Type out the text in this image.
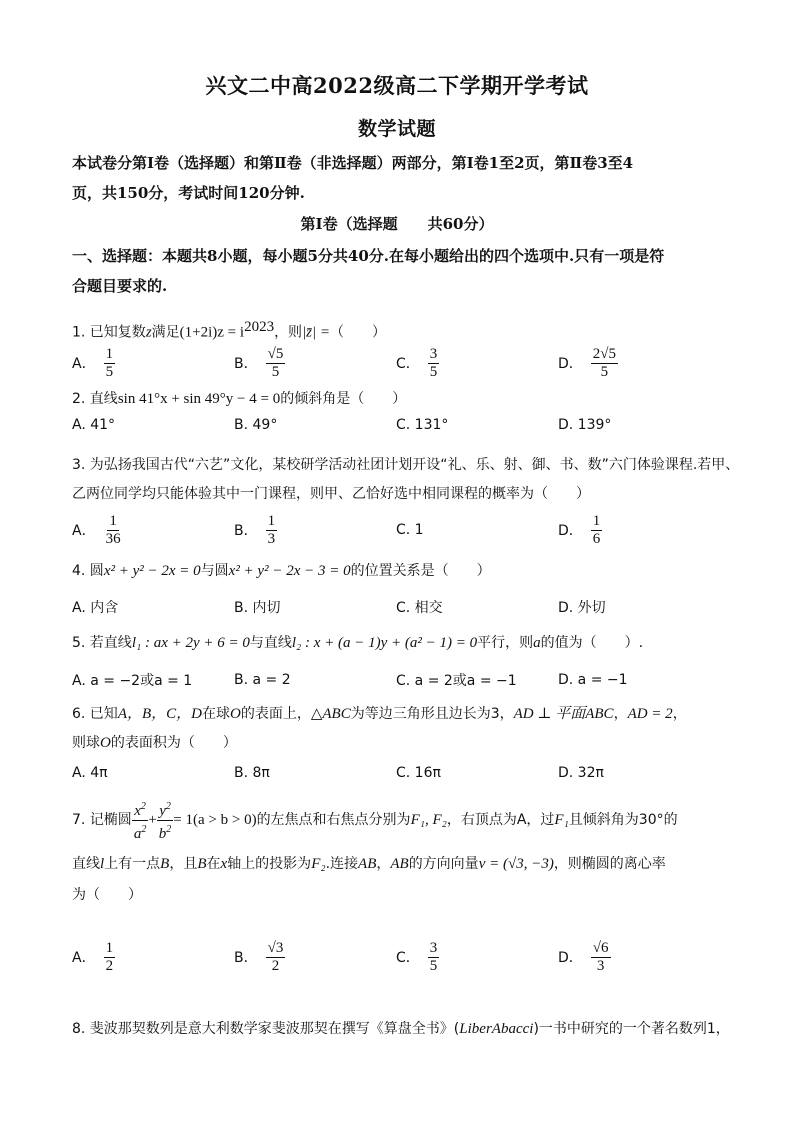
兴文二中高2022级高二下学期开学考试
数学试题
本试卷分第Ⅰ卷（选择题）和第Ⅱ卷（非选择题）两部分，第Ⅰ卷1至2页，第Ⅱ卷3至4
页，共150分，考试时间120分钟.
第Ⅰ卷（选择题　　共60分）
一、选择题：本题共8小题，每小题5分共40分.在每小题给出的四个选项中.只有一项是符
合题目要求的.
1. 已知复数z满足$(1+2i)z = i^{2023}$，则|z̄| =（　　）
A． $\frac{1}{5}$	B． $\frac{√5}{5}$	C． $\frac{3}{5}$	D． $\frac{2√5}{5}$
2. 直线sin 41°x + sin 49°y − 4 = 0的倾斜角是（　　）
A. 41°	B. 49°	C. 131°	D. 139°
3. 为弘扬我国古代“六艺”文化，某校研学活动社团计划开设“礼、乐、射、御、书、数”六门体验课程.若甲、
乙两位同学均只能体验其中一门课程，则甲、乙恰好选中相同课程的概率为（　　）
A． $\frac{1}{36}$	B． $\frac{1}{3}$	C. 1	D． $\frac{1}{6}$
4. 圆x² + y² − 2x = 0与圆x² + y² − 2x − 3 = 0的位置关系是（　　）
A. 内含	B. 内切	C. 相交	D. 外切
5. 若直线l₁ : ax + 2y + 6 = 0与直线l₂ : x + (a − 1)y + (a² − 1) = 0平行，则a的值为（　　）.
A. a = −2或a = 1	B. a = 2	C. a = 2或a = −1	D. a = −1
6. 已知A，B，C，D在球O的表面上，△ABC为等边三角形且边长为3，AD ⊥ 平面ABC，AD = 2，
则球O的表面积为（　　）
A. 4π	B. 8π	C. 16π	D. 32π
7. 记椭圆 $\frac{x^2}{a^2} + \frac{y^2}{b^2} = 1(a > b > 0)$ 的左焦点和右焦点分别为 F₁, F₂ ，右顶点为A，过 F₁ 且倾斜角为30°的
直线l上有一点B，且B在x轴上的投影为F₂.连接AB，AB的方向向量v = (√3, −3)，则椭圆的离心率
为（　　）
A． $\frac{1}{2}$	B． $\frac{√3}{2}$	C． $\frac{3}{5}$	D． $\frac{√6}{3}$
8. 斐波那契数列是意大利数学家斐波那契在撰写《算盘全书》(LiberAbacci)一书中研究的一个著名数列1，
